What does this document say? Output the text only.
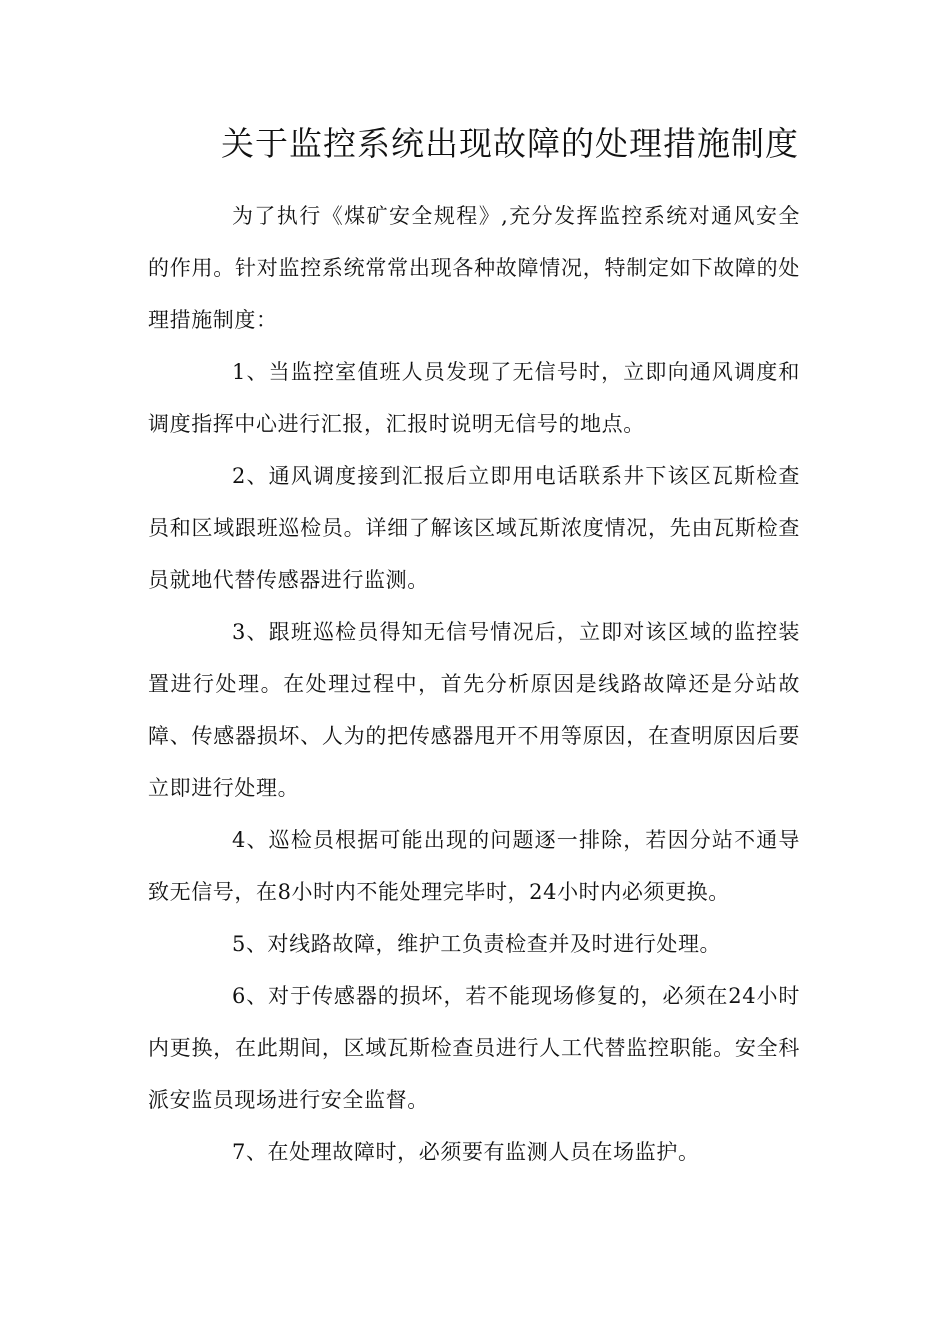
关于监控系统出现故障的处理措施制度

为了执行《煤矿安全规程》,充分发挥监控系统对通风安全的作用。针对监控系统常常出现各种故障情况，特制定如下故障的处理措施制度：

1、当监控室值班人员发现了无信号时，立即向通风调度和调度指挥中心进行汇报，汇报时说明无信号的地点。

2、通风调度接到汇报后立即用电话联系井下该区瓦斯检查员和区域跟班巡检员。详细了解该区域瓦斯浓度情况，先由瓦斯检查员就地代替传感器进行监测。

3、跟班巡检员得知无信号情况后，立即对该区域的监控装置进行处理。在处理过程中，首先分析原因是线路故障还是分站故障、传感器损坏、人为的把传感器甩开不用等原因，在查明原因后要立即进行处理。

4、巡检员根据可能出现的问题逐一排除，若因分站不通导致无信号，在8小时内不能处理完毕时，24小时内必须更换。

5、对线路故障，维护工负责检查并及时进行处理。

6、对于传感器的损坏，若不能现场修复的，必须在24小时内更换，在此期间，区域瓦斯检查员进行人工代替监控职能。安全科派安监员现场进行安全监督。

7、在处理故障时，必须要有监测人员在场监护。
